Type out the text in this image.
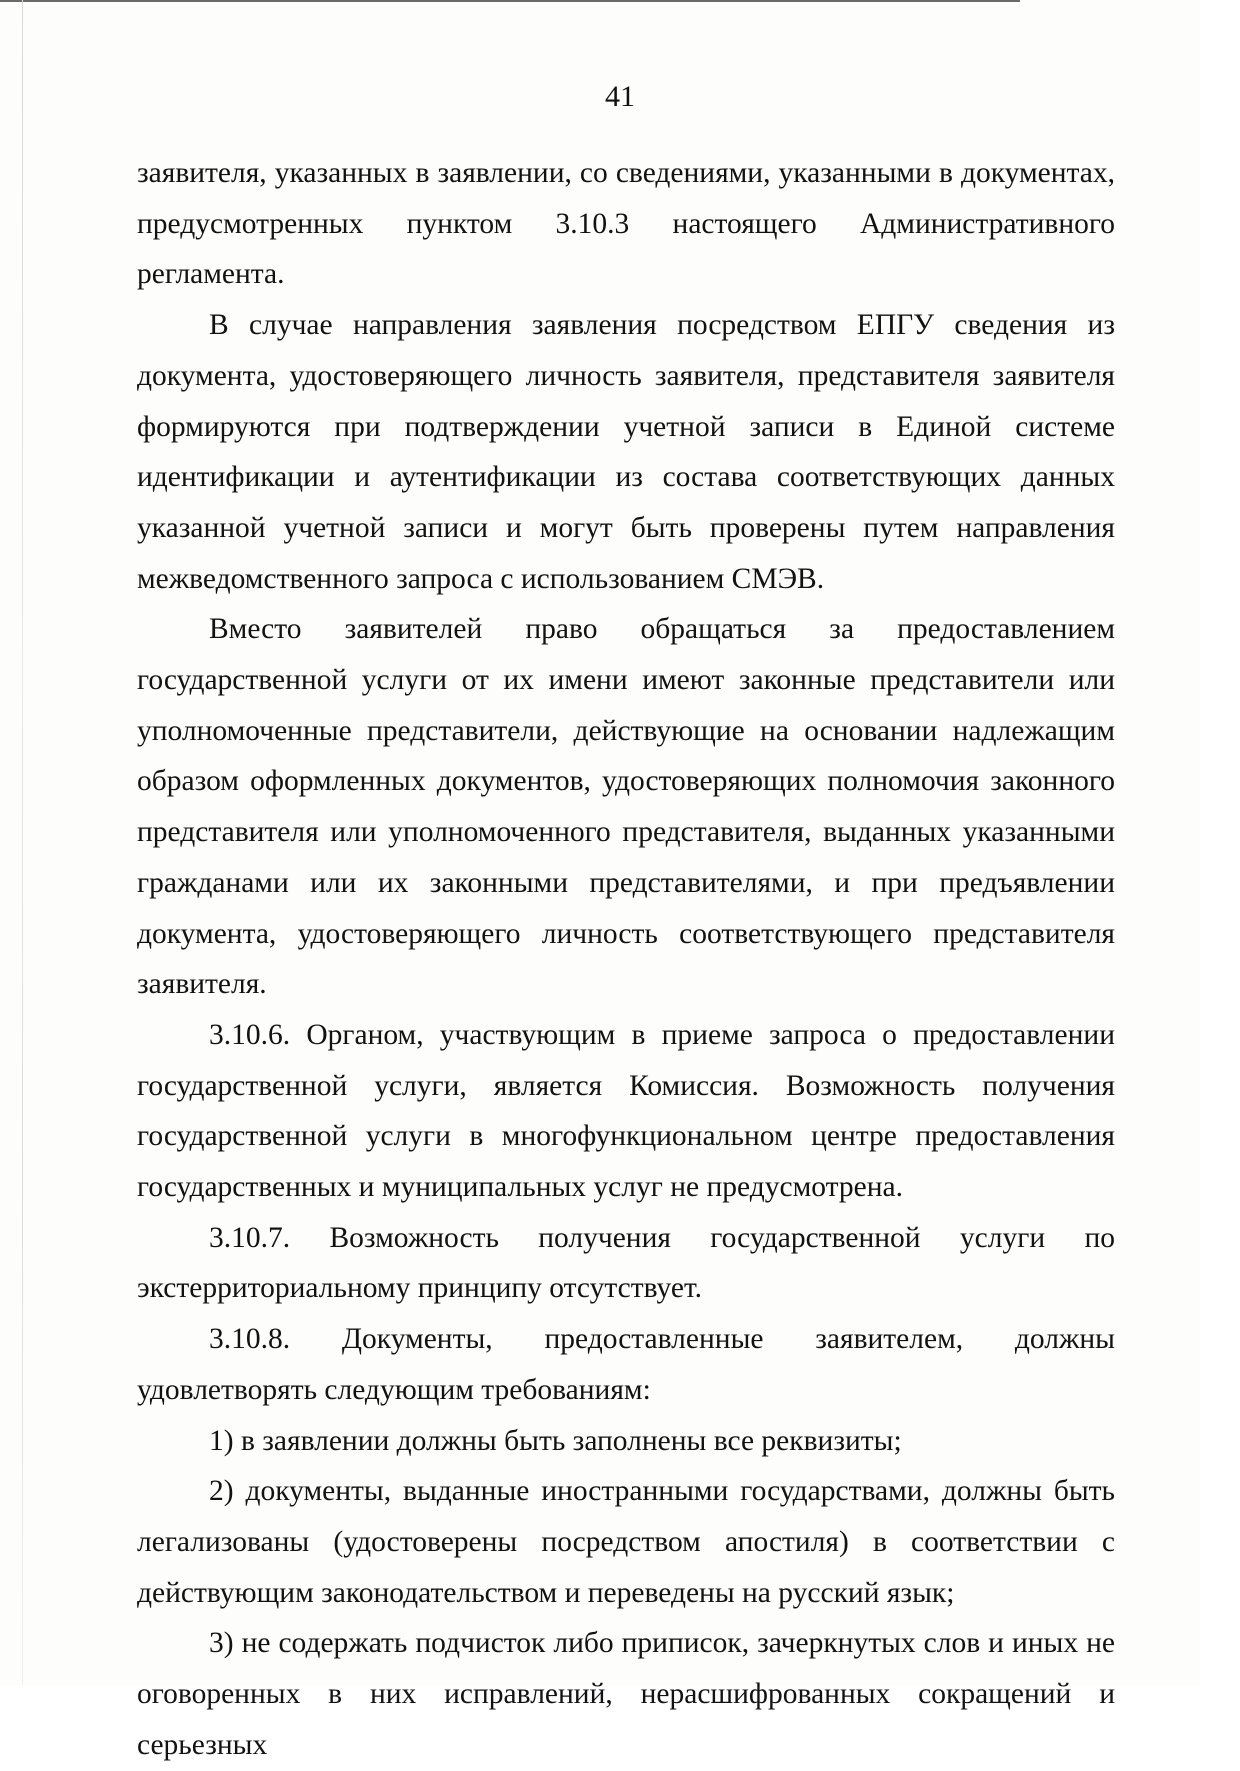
41

заявителя, указанных в заявлении, со сведениями, указанными в документах, предусмотренных пунктом 3.10.3 настоящего Административного регламента.

В случае направления заявления посредством ЕПГУ сведения из документа, удостоверяющего личность заявителя, представителя заявителя формируются при подтверждении учетной записи в Единой системе идентификации и аутентификации из состава соответствующих данных указанной учетной записи и могут быть проверены путем направления межведомственного запроса с использованием СМЭВ.

Вместо заявителей право обращаться за предоставлением государственной услуги от их имени имеют законные представители или уполномоченные представители, действующие на основании надлежащим образом оформленных документов, удостоверяющих полномочия законного представителя или уполномоченного представителя, выданных указанными гражданами или их законными представителями, и при предъявлении документа, удостоверяющего личность соответствующего представителя заявителя.

3.10.6. Органом, участвующим в приеме запроса о предоставлении государственной услуги, является Комиссия. Возможность получения государственной услуги в многофункциональном центре предоставления государственных и муниципальных услуг не предусмотрена.

3.10.7. Возможность получения государственной услуги по экстерриториальному принципу отсутствует.

3.10.8. Документы, предоставленные заявителем, должны удовлетворять следующим требованиям:

1) в заявлении должны быть заполнены все реквизиты;

2) документы, выданные иностранными государствами, должны быть легализованы (удостоверены посредством апостиля) в соответствии с действующим законодательством и переведены на русский язык;

3) не содержать подчисток либо приписок, зачеркнутых слов и иных не оговоренных в них исправлений, нерасшифрованных сокращений и серьезных
